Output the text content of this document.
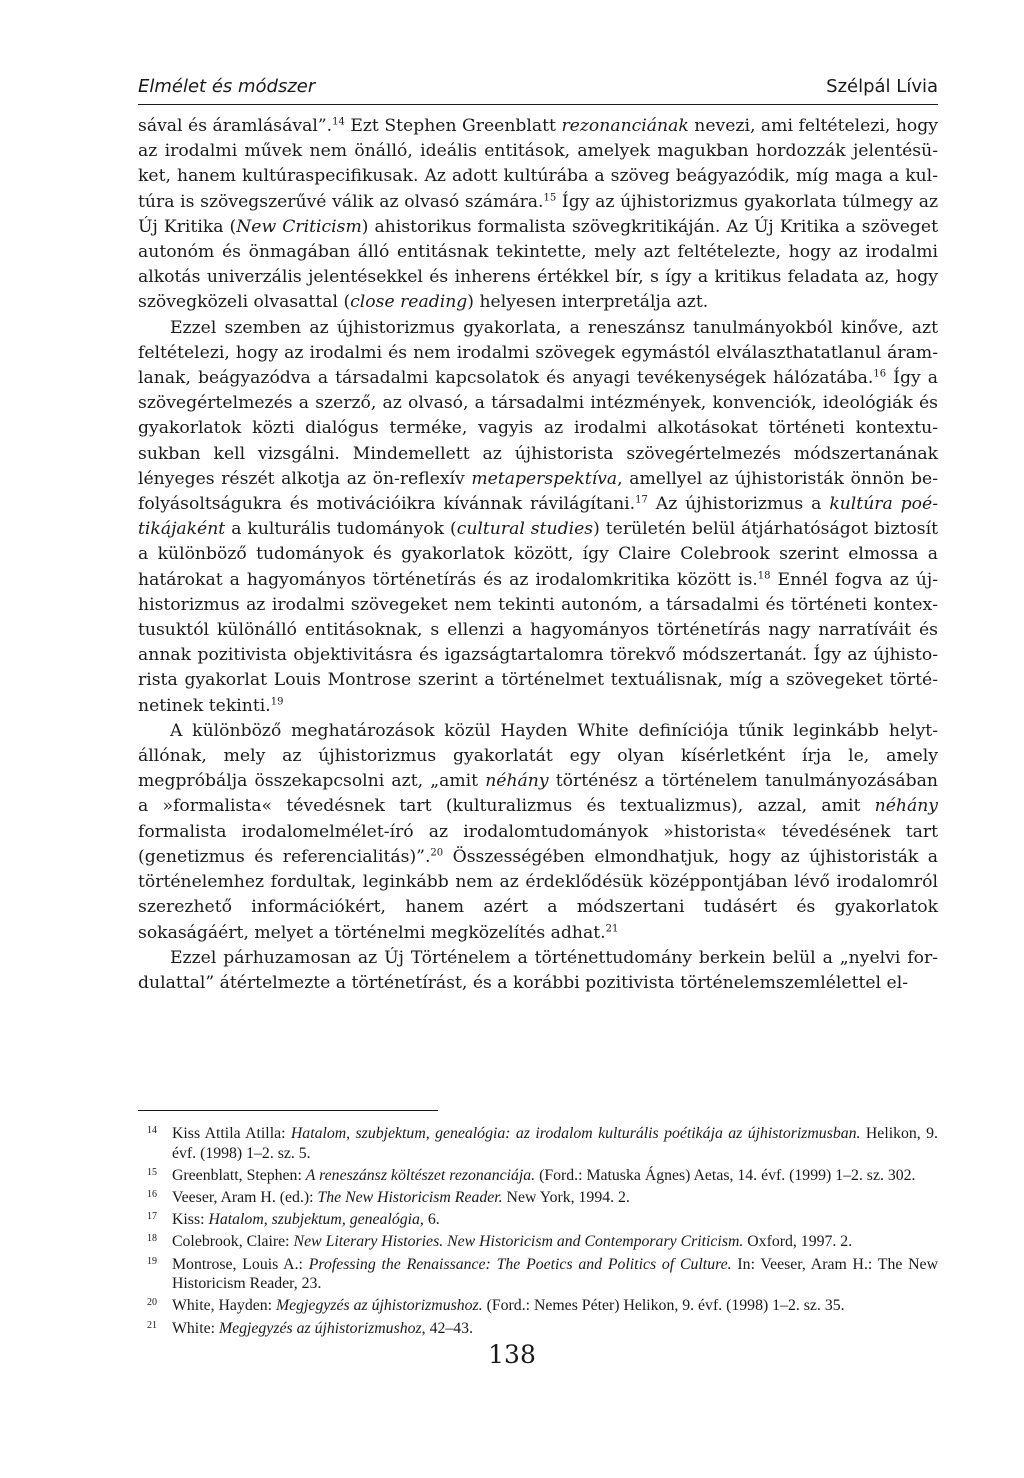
Elmélet és módszer	Szélpál Lívia

sával és áramlásával”.$^{14}$ Ezt Stephen Greenblatt rezonanciának nevezi, ami feltételezi, hogy az irodalmi művek nem önálló, ideális entitások, amelyek magukban hordozzák jelentésüket, hanem kultúraspecifikusak. Az adott kultúrába a szöveg beágyazódik, míg maga a kultúra is szövegszerűvé válik az olvasó számára.$^{15}$ Így az újhistorizmus gyakorlata túlmegy az Új Kritika (New Criticism) ahistorikus formalista szövegkritikáján. Az Új Kritika a szöveget autonóm és önmagában álló entitásnak tekintette, mely azt feltételezte, hogy az irodalmi alkotás univerzális jelentésekkel és inherens értékkel bír, s így a kritikus feladata az, hogy szövegközeli olvasattal (close reading) helyesen interpretálja azt.

Ezzel szemben az újhistorizmus gyakorlata, a reneszánsz tanulmányokból kinőve, azt feltételezi, hogy az irodalmi és nem irodalmi szövegek egymástól elválaszthatatlanul áramlanak, beágyazódva a társadalmi kapcsolatok és anyagi tevékenységek hálózatába.$^{16}$ Így a szövegértelmezés a szerző, az olvasó, a társadalmi intézmények, konvenciók, ideológiák és gyakorlatok közti dialógus terméke, vagyis az irodalmi alkotásokat történeti kontextusukban kell vizsgálni. Mindemellett az újhistorista szövegértelmezés módszertanának lényeges részét alkotja az ön-reflexív metaperspektíva, amellyel az újhistoristák önnön befolyásoltságukra és motivációikra kívánnak rávilágítani.$^{17}$ Az újhistorizmus a kultúra poétikájaként a kulturális tudományok (cultural studies) területén belül átjárhatóságot biztosít a különböző tudományok és gyakorlatok között, így Claire Colebrook szerint elmossa a határokat a hagyományos történetírás és az irodalomkritika között is.$^{18}$ Ennél fogva az újhistorizmus az irodalmi szövegeket nem tekinti autonóm, a társadalmi és történeti kontextusuktól különálló entitásoknak, s ellenzi a hagyományos történetírás nagy narratíváit és annak pozitivista objektivitásra és igazságtartalomra törekvő módszertanát. Így az újhistorista gyakorlat Louis Montrose szerint a történelmet textuálisnak, míg a szövegeket történetinek tekinti.$^{19}$

A különböző meghatározások közül Hayden White definíciója tűnik leginkább helytállónak, mely az újhistorizmus gyakorlatát egy olyan kísérletként írja le, amely megpróbálja összekapcsolni azt, „amit néhány történész a történelem tanulmányozásában a »formalista« tévedésnek tart (kulturalizmus és textualizmus), azzal, amit néhány formalista irodalomelmélet-író az irodalomtudományok »historista« tévedésének tart (genetizmus és referencialitás)”.$^{20}$ Összességében elmondhatjuk, hogy az újhistoristák a történelemhez fordultak, leginkább nem az érdeklődésük középpontjában lévő irodalomról szerezhető információkért, hanem azért a módszertani tudásért és gyakorlatok sokaságáért, melyet a történelmi megközelítés adhat.$^{21}$

Ezzel párhuzamosan az Új Történelem a történettudomány berkein belül a „nyelvi fordulattal” átértelmezte a történetírást, és a korábbi pozitivista történelemszemlélettel el-

14 Kiss Attila Atilla: Hatalom, szubjektum, genealógia: az irodalom kulturális poétikája az újhistorizmusban. Helikon, 9. évf. (1998) 1–2. sz. 5.
15 Greenblatt, Stephen: A reneszánsz költészet rezonanciája. (Ford.: Matuska Ágnes) Aetas, 14. évf. (1999) 1–2. sz. 302.
16 Veeser, Aram H. (ed.): The New Historicism Reader. New York, 1994. 2.
17 Kiss: Hatalom, szubjektum, genealógia, 6.
18 Colebrook, Claire: New Literary Histories. New Historicism and Contemporary Criticism. Oxford, 1997. 2.
19 Montrose, Louis A.: Professing the Renaissance: The Poetics and Politics of Culture. In: Veeser, Aram H.: The New Historicism Reader, 23.
20 White, Hayden: Megjegyzés az újhistorizmushoz. (Ford.: Nemes Péter) Helikon, 9. évf. (1998) 1–2. sz. 35.
21 White: Megjegyzés az újhistorizmushoz, 42–43.
138
